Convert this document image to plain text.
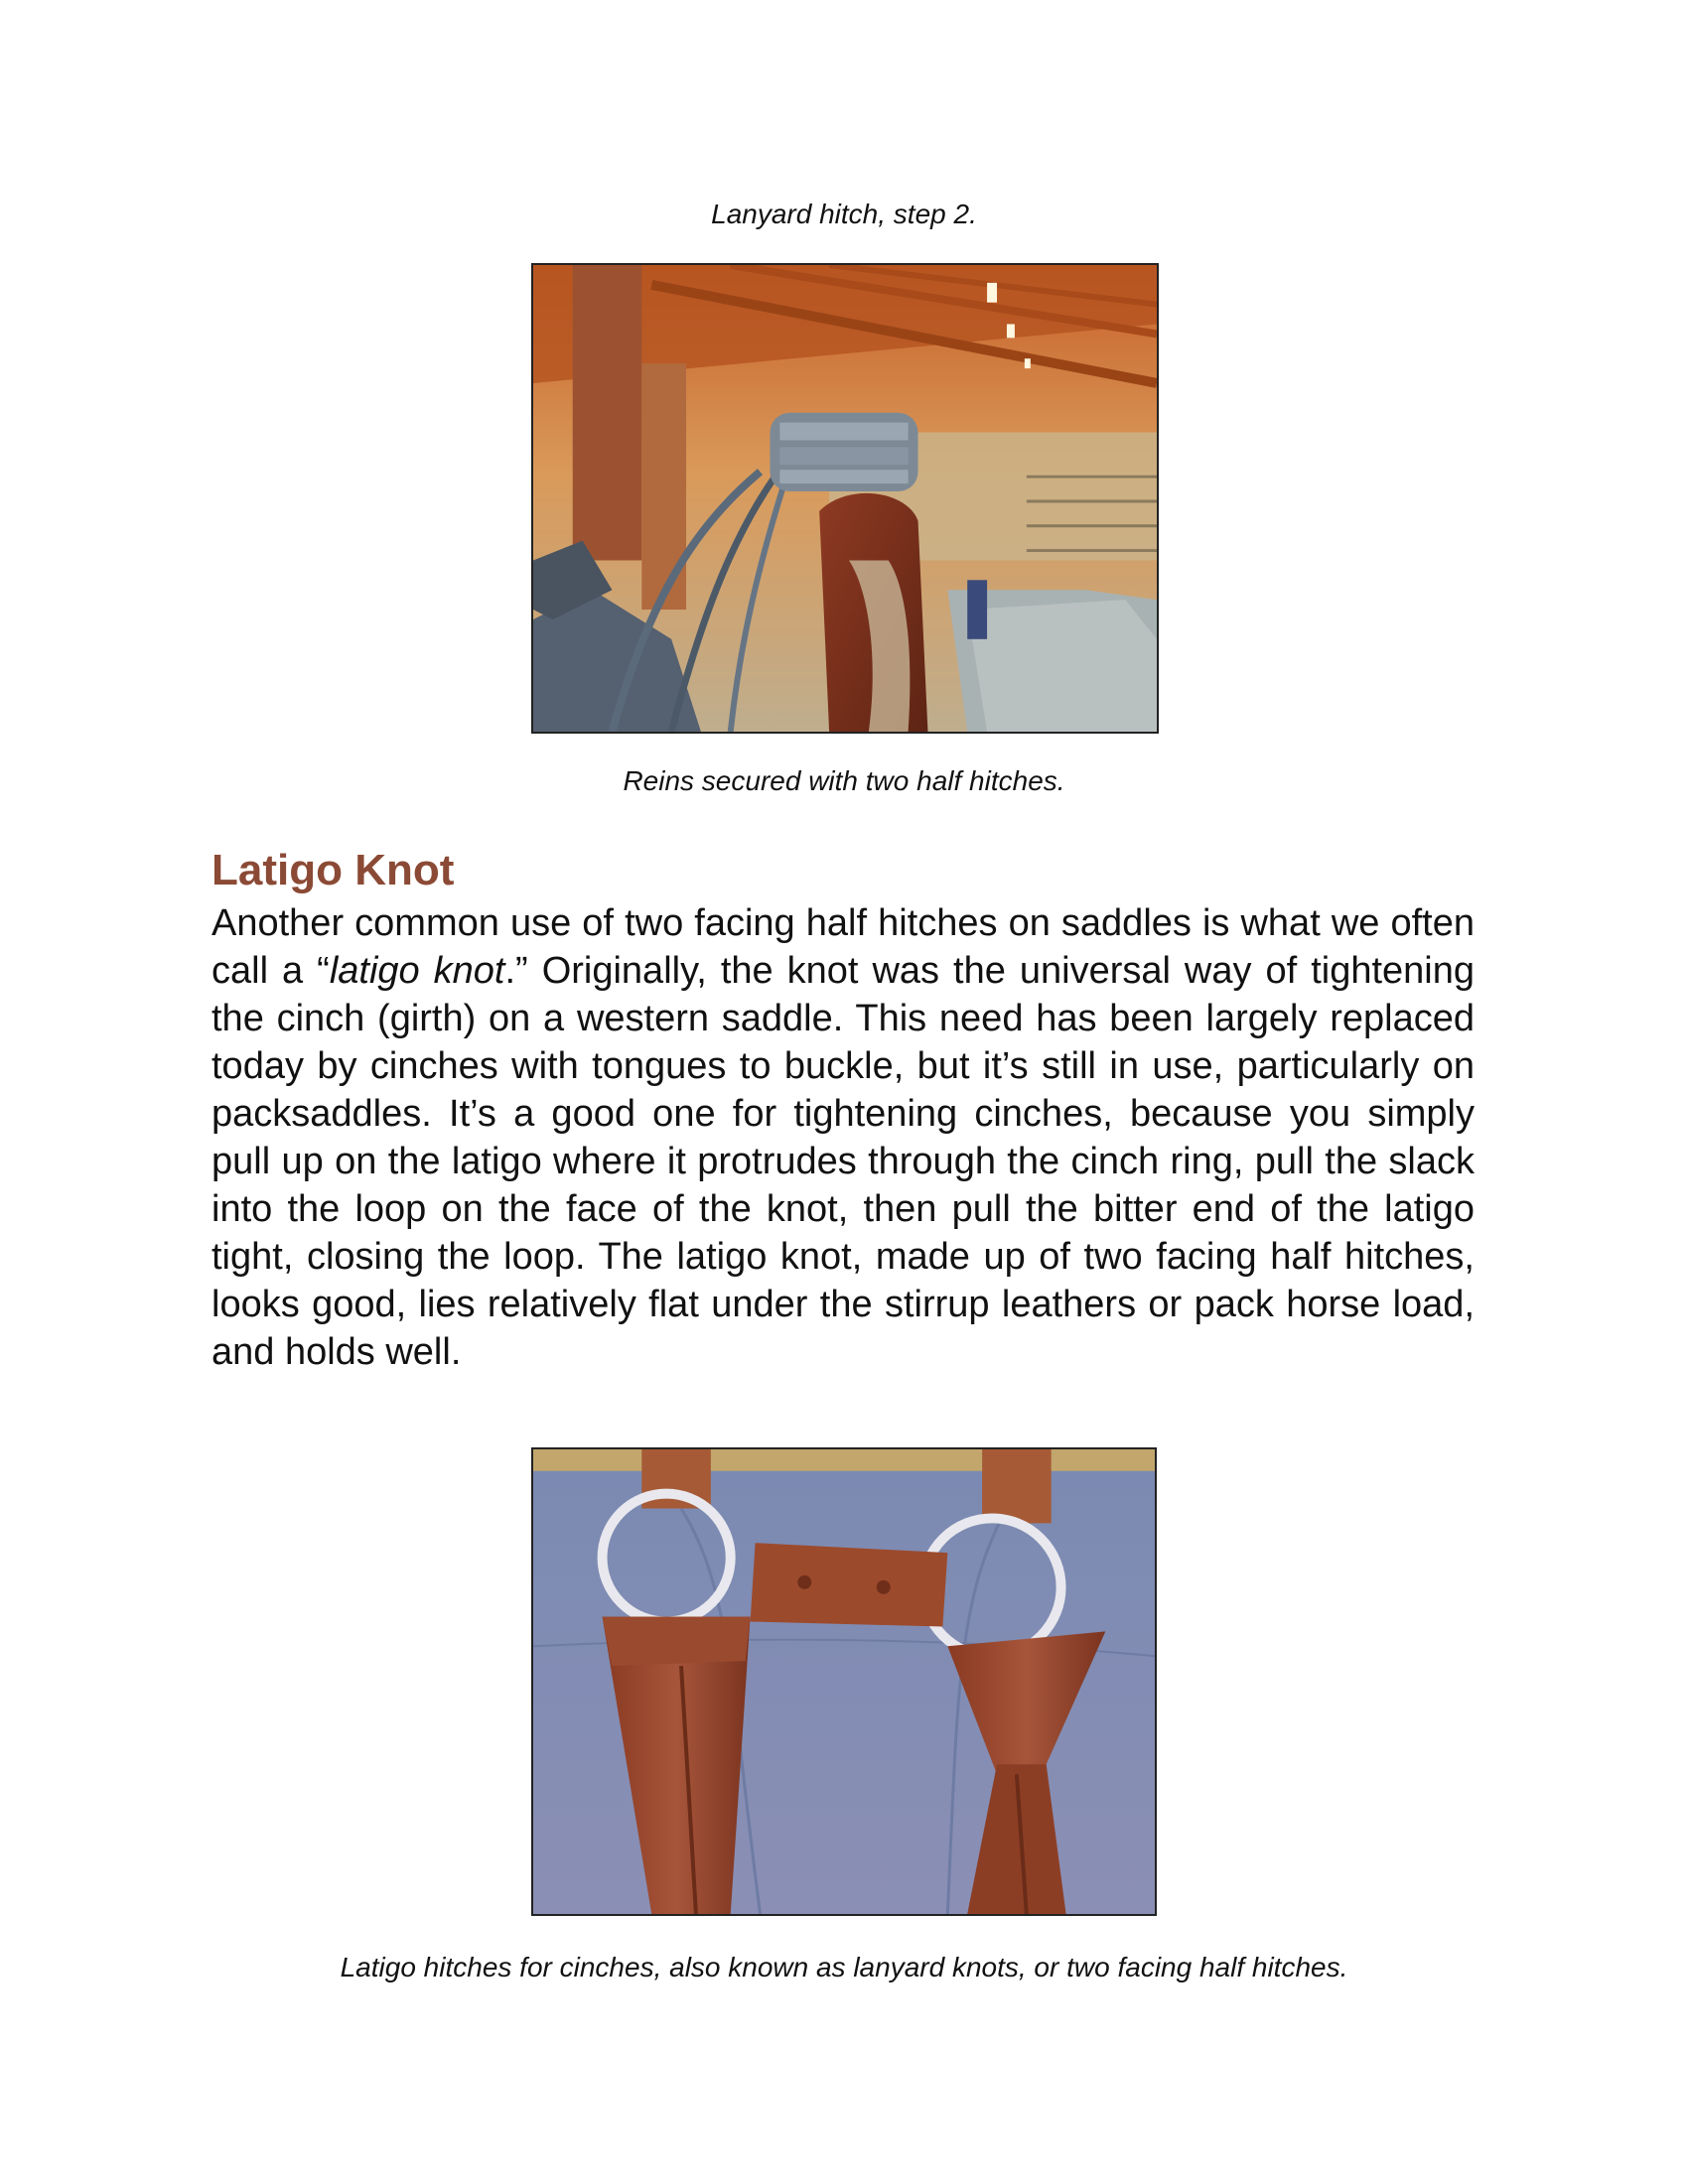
Lanyard hitch, step 2.
Reins secured with two half hitches.
Latigo Knot

Another common use of two facing half hitches on saddles is what we often call a “latigo knot.” Originally, the knot was the universal way of tightening the cinch (girth) on a western saddle. This need has been largely replaced today by cinches with tongues to buckle, but it’s still in use, particularly on packsaddles. It’s a good one for tightening cinches, because you simply pull up on the latigo where it protrudes through the cinch ring, pull the slack into the loop on the face of the knot, then pull the bitter end of the latigo tight, closing the loop. The latigo knot, made up of two facing half hitches, looks good, lies relatively flat under the stirrup leathers or pack horse load, and holds well.

Latigo hitches for cinches, also known as lanyard knots, or two facing half hitches.
